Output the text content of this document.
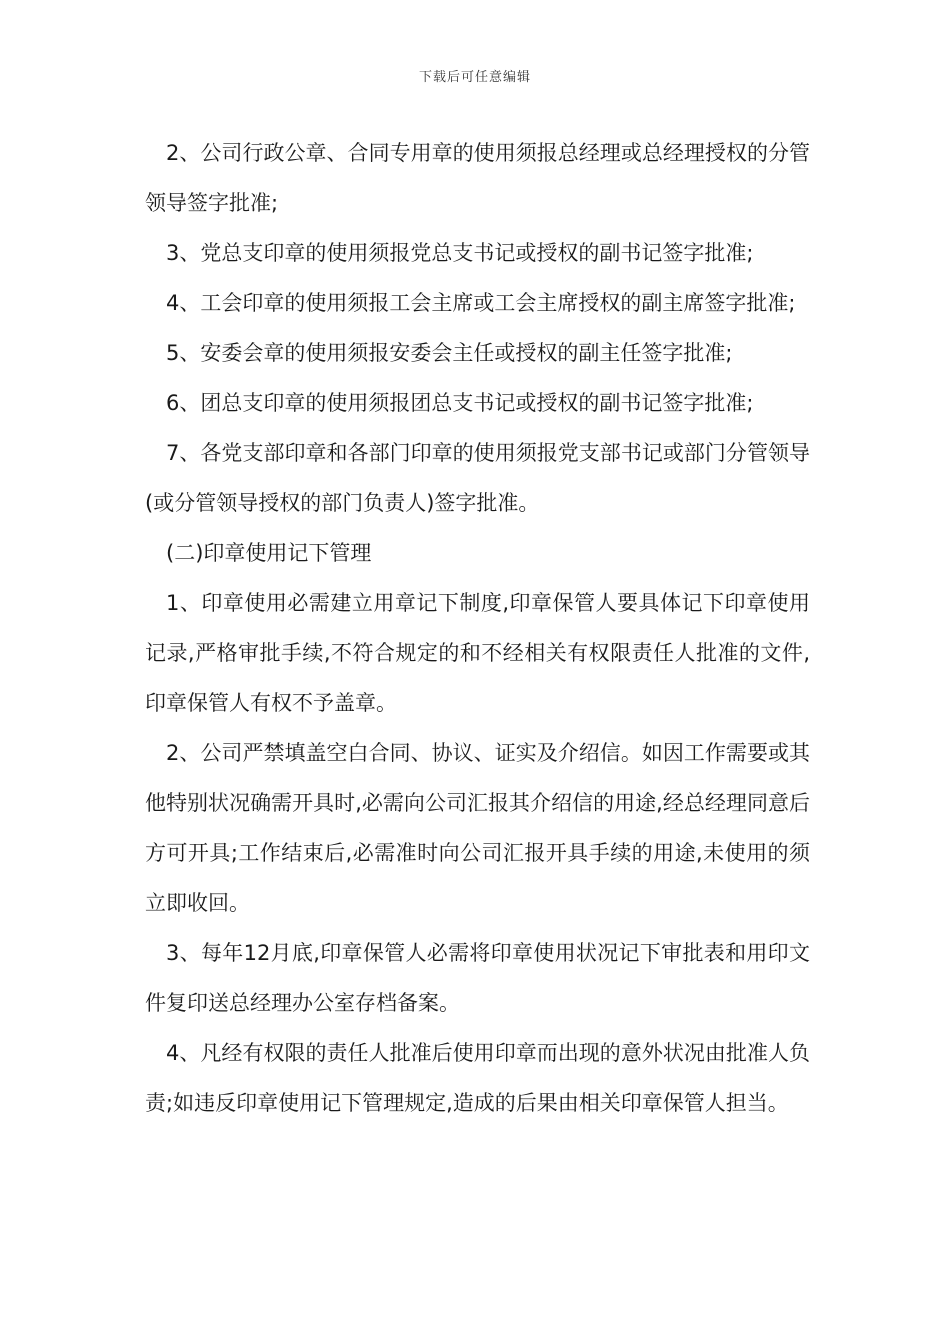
下载后可任意编辑

2、公司行政公章、合同专用章的使用须报总经理或总经理授权的分管领导签字批准;

3、党总支印章的使用须报党总支书记或授权的副书记签字批准;

4、工会印章的使用须报工会主席或工会主席授权的副主席签字批准;

5、安委会章的使用须报安委会主任或授权的副主任签字批准;

6、团总支印章的使用须报团总支书记或授权的副书记签字批准;

7、各党支部印章和各部门印章的使用须报党支部书记或部门分管领导(或分管领导授权的部门负责人)签字批准。

(二)印章使用记下管理

1、印章使用必需建立用章记下制度,印章保管人要具体记下印章使用记录,严格审批手续,不符合规定的和不经相关有权限责任人批准的文件,印章保管人有权不予盖章。

2、公司严禁填盖空白合同、协议、证实及介绍信。如因工作需要或其他特别状况确需开具时,必需向公司汇报其介绍信的用途,经总经理同意后方可开具;工作结束后,必需准时向公司汇报开具手续的用途,未使用的须立即收回。

3、每年12月底,印章保管人必需将印章使用状况记下审批表和用印文件复印送总经理办公室存档备案。

4、凡经有权限的责任人批准后使用印章而出现的意外状况由批准人负责;如违反印章使用记下管理规定,造成的后果由相关印章保管人担当。
